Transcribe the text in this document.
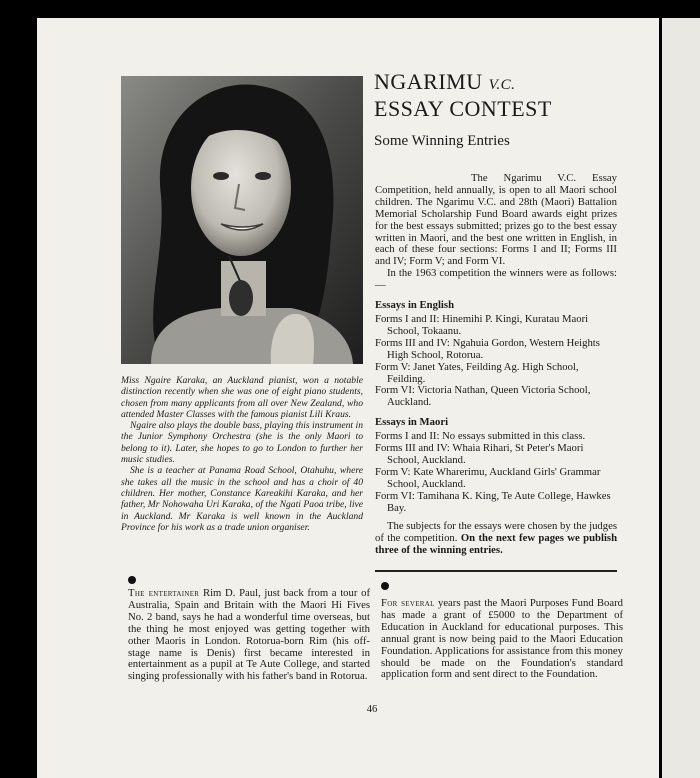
Miss Ngaire Karaka, an Auckland pianist, won a notable distinction recently when she was one of eight piano students, chosen from many applicants from all over New Zealand, who attended Master Classes with the famous pianist Lili Kraus.

Ngaire also plays the double bass, playing this instrument in the Junior Symphony Orchestra (she is the only Maori to belong to it). Later, she hopes to go to London to further her music studies.

She is a teacher at Panama Road School, Otahuhu, where she takes all the music in the school and has a choir of 40 children. Her mother, Constance Kareakihi Karaka, and her father, Mr Nohowaha Uri Karaka, of the Ngati Paoa tribe, live in Auckland. Mr Karaka is well known in the Auckland Province for his work as a trade union organiser.

NGARIMU V.C.
ESSAY CONTEST
Some Winning Entries

The Ngarimu V.C. Essay Competition, held annually, is open to all Maori school children. The Ngarimu V.C. and 28th (Maori) Battalion Memorial Scholarship Fund Board awards eight prizes for the best essays submitted; prizes go to the best essay written in Maori, and the best one written in English, in each of these four sections: Forms I and II; Forms III and IV; Form V; and Form VI.

In the 1963 competition the winners were as follows:—

Essays in English

Forms I and II: Hinemihi P. Kingi, Kuratau Maori School, Tokaanu.

Forms III and IV: Ngahuia Gordon, Western Heights High School, Rotorua.

Form V: Janet Yates, Feilding Ag. High School, Feilding.

Form VI: Victoria Nathan, Queen Victoria School, Auckland.

Essays in Maori

Forms I and II: No essays submitted in this class.

Forms III and IV: Whaia Rihari, St Peter's Maori School, Auckland.

Form V: Kate Wharerimu, Auckland Girls' Grammar School, Auckland.

Form VI: Tamihana K. King, Te Aute College, Hawkes Bay.

The subjects for the essays were chosen by the judges of the competition. On the next few pages we publish three of the winning entries.

The entertainer Rim D. Paul, just back from a tour of Australia, Spain and Britain with the Maori Hi Fives No. 2 band, says he had a wonderful time overseas, but the thing he most enjoyed was getting together with other Maoris in London. Rotorua-born Rim (his off-stage name is Denis) first became interested in entertainment as a pupil at Te Aute College, and started singing professionally with his father's band in Rotorua.
For several years past the Maori Purposes Fund Board has made a grant of £5000 to the Department of Education in Auckland for educational purposes. This annual grant is now being paid to the Maori Education Foundation. Applications for assistance from this money should be made on the Foundation's standard application form and sent direct to the Foundation.
46
